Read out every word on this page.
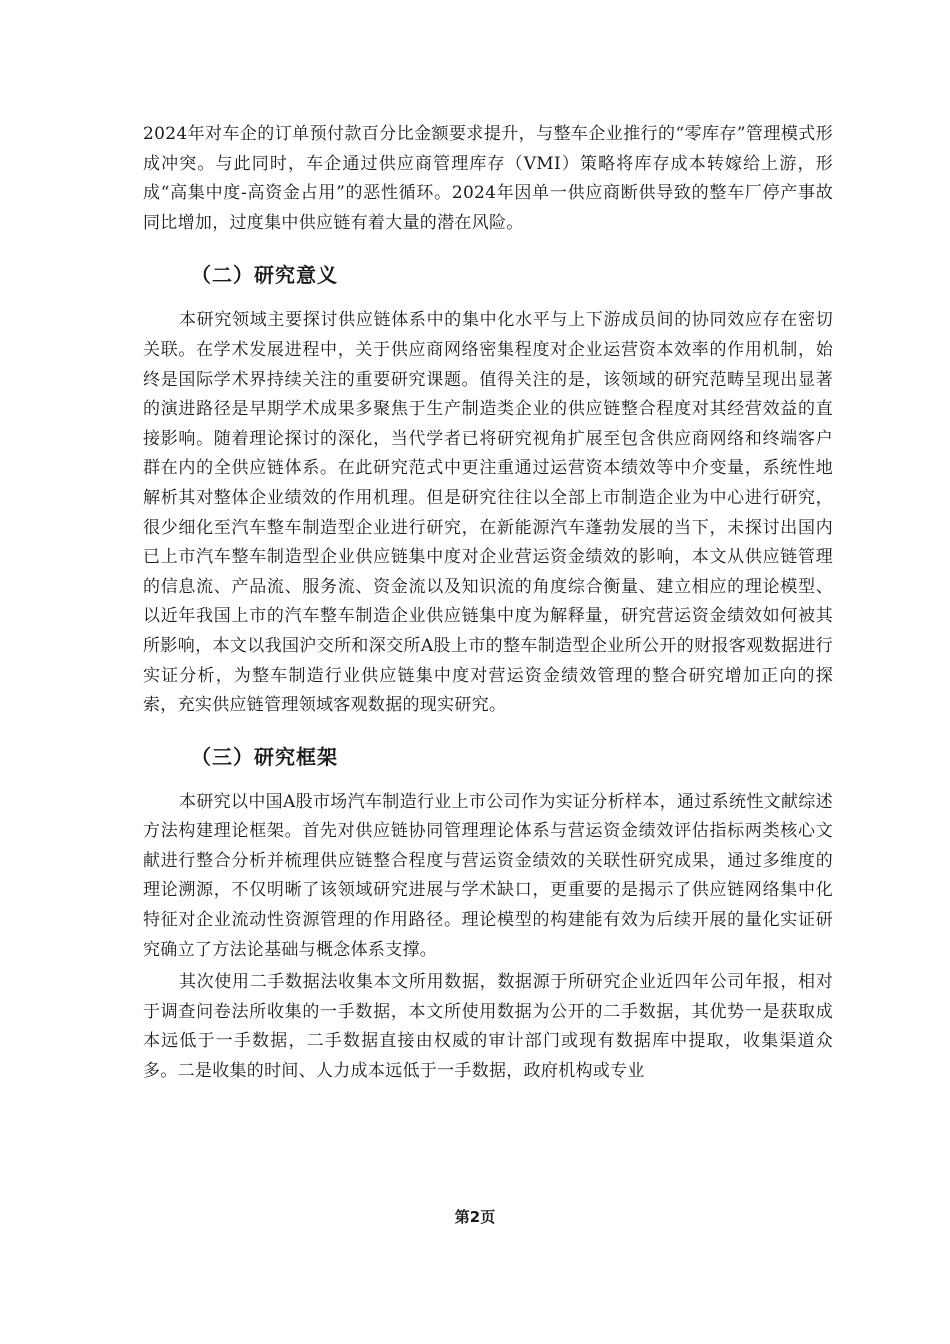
2024年对车企的订单预付款百分比金额要求提升，与整车企业推行的“零库存”管理模式形成冲突。与此同时，车企通过供应商管理库存（VMI）策略将库存成本转嫁给上游，形成“高集中度-高资金占用”的恶性循环。2024年因单一供应商断供导致的整车厂停产事故同比增加，过度集中供应链有着大量的潜在风险。

（二）研究意义

本研究领域主要探讨供应链体系中的集中化水平与上下游成员间的协同效应存在密切关联。在学术发展进程中，关于供应商网络密集程度对企业运营资本效率的作用机制，始终是国际学术界持续关注的重要研究课题。值得关注的是，该领域的研究范畴呈现出显著的演进路径是早期学术成果多聚焦于生产制造类企业的供应链整合程度对其经营效益的直接影响。随着理论探讨的深化，当代学者已将研究视角扩展至包含供应商网络和终端客户群在内的全供应链体系。在此研究范式中更注重通过运营资本绩效等中介变量，系统性地解析其对整体企业绩效的作用机理。但是研究往往以全部上市制造企业为中心进行研究，很少细化至汽车整车制造型企业进行研究，在新能源汽车蓬勃发展的当下，未探讨出国内已上市汽车整车制造型企业供应链集中度对企业营运资金绩效的影响，本文从供应链管理的信息流、产品流、服务流、资金流以及知识流的角度综合衡量、建立相应的理论模型、以近年我国上市的汽车整车制造企业供应链集中度为解释量，研究营运资金绩效如何被其所影响，本文以我国沪交所和深交所A股上市的整车制造型企业所公开的财报客观数据进行实证分析，为整车制造行业供应链集中度对营运资金绩效管理的整合研究增加正向的探索，充实供应链管理领域客观数据的现实研究。

（三）研究框架

本研究以中国A股市场汽车制造行业上市公司作为实证分析样本，通过系统性文献综述方法构建理论框架。首先对供应链协同管理理论体系与营运资金绩效评估指标两类核心文献进行整合分析并梳理供应链整合程度与营运资金绩效的关联性研究成果，通过多维度的理论溯源，不仅明晰了该领域研究进展与学术缺口，更重要的是揭示了供应链网络集中化特征对企业流动性资源管理的作用路径。理论模型的构建能有效为后续开展的量化实证研究确立了方法论基础与概念体系支撑。

其次使用二手数据法收集本文所用数据，数据源于所研究企业近四年公司年报，相对于调查问卷法所收集的一手数据，本文所使用数据为公开的二手数据，其优势一是获取成本远低于一手数据，二手数据直接由权威的审计部门或现有数据库中提取，收集渠道众多。二是收集的时间、人力成本远低于一手数据，政府机构或专业

第2页
